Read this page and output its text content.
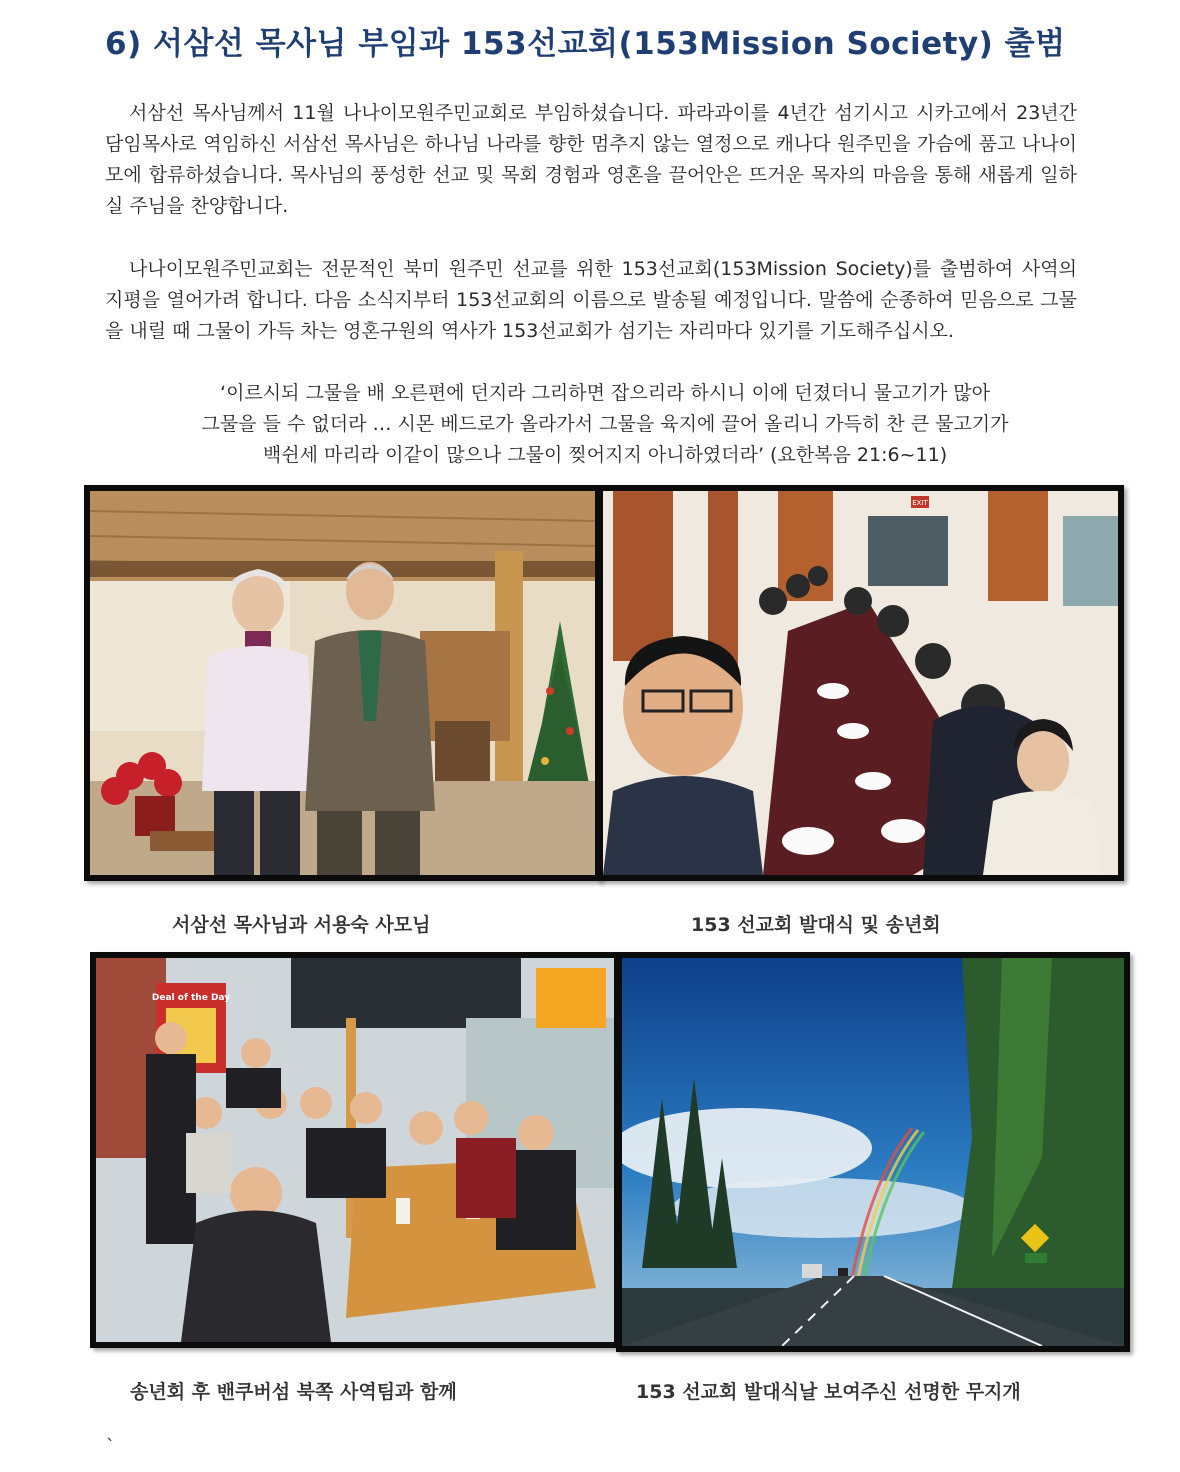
6) 서삼선 목사님 부임과 153선교회(153Mission Society) 출범

서삼선 목사님께서 11월 나나이모원주민교회로 부임하셨습니다. 파라과이를 4년간 섬기시고 시카고에서 23년간 담임목사로 역임하신 서삼선 목사님은 하나님 나라를 향한 멈추지 않는 열정으로 캐나다 원주민을 가슴에 품고 나나이모에 합류하셨습니다. 목사님의 풍성한 선교 및 목회 경험과 영혼을 끌어안은 뜨거운 목자의 마음을 통해 새롭게 일하실 주님을 찬양합니다.

나나이모원주민교회는 전문적인 북미 원주민 선교를 위한 153선교회(153Mission Society)를 출범하여 사역의 지평을 열어가려 합니다. 다음 소식지부터 153선교회의 이름으로 발송될 예정입니다. 말씀에 순종하여 믿음으로 그물을 내릴 때 그물이 가득 차는 영혼구원의 역사가 153선교회가 섬기는 자리마다 있기를 기도해주십시오.

‘이르시되 그물을 배 오른편에 던지라 그리하면 잡으리라 하시니 이에 던졌더니 물고기가 많아
그물을 들 수 없더라 … 시몬 베드로가 올라가서 그물을 육지에 끌어 올리니 가득히 찬 큰 물고기가
백쉰세 마리라 이같이 많으나 그물이 찢어지지 아니하였더라’ (요한복음 21:6~11)
EXIT
서삼선 목사님과 서용숙 사모님	153 선교회 발대식 및 송년회
Deal of the Day
송년회 후 밴쿠버섬 북쪽 사역팀과 함께	153 선교회 발대식날 보여주신 선명한 무지개
`
